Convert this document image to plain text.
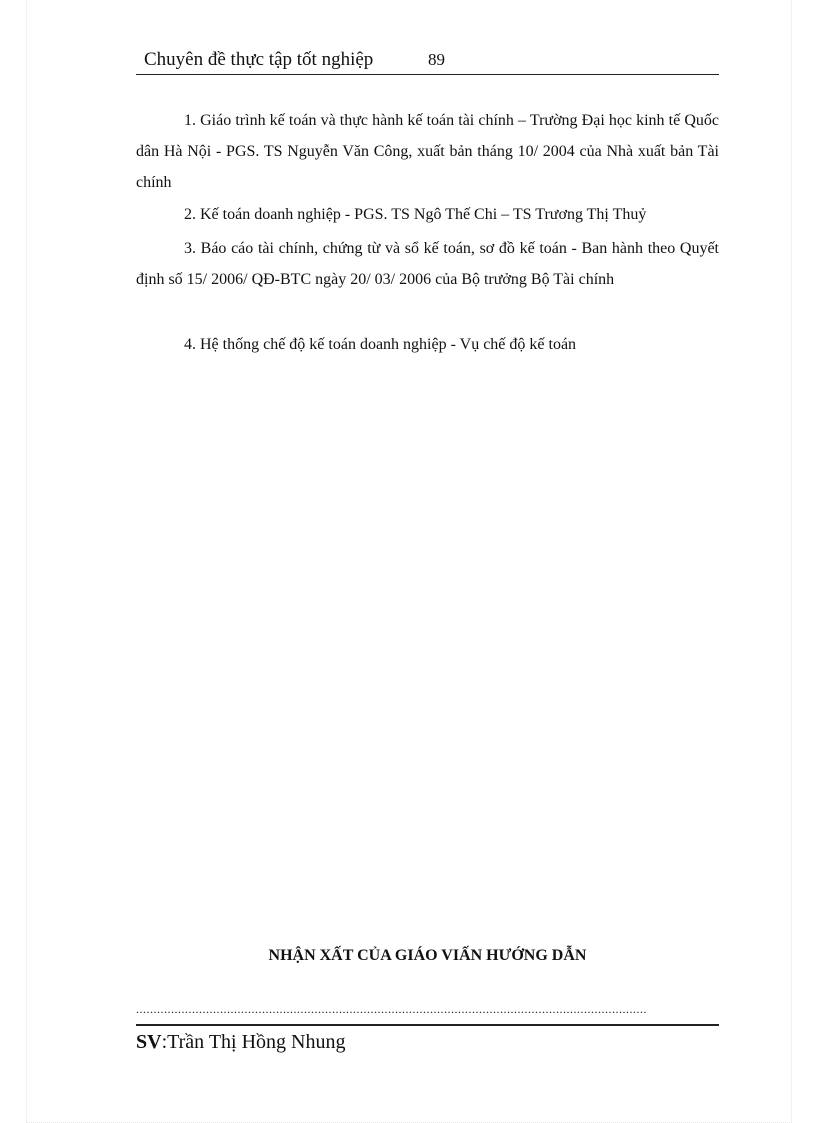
Chuyên đề thực tập tốt nghiệp	89
1. Giáo trình kế toán và thực hành kế toán tài chính – Trường Đại học kinh tế Quốc dân Hà Nội - PGS. TS Nguyễn Văn Công, xuất bản tháng 10/ 2004 của Nhà xuất bản Tài chính
2. Kế toán doanh nghiệp - PGS. TS Ngô Thế Chi – TS Trương Thị Thuỷ
3. Báo cáo tài chính, chứng từ và sổ kế toán, sơ đồ kế toán - Ban hành theo Quyết định số 15/ 2006/ QĐ-BTC ngày 20/ 03/ 2006 của Bộ trưởng Bộ Tài chính
4. Hệ thống chế độ kế toán doanh nghiệp - Vụ chế độ kế toán
NHẬN XẤT CỦA GIÁO VIẤN HƯỚNG DẪN
..................................................................................................................................................
SV:Trần Thị Hồng Nhung
